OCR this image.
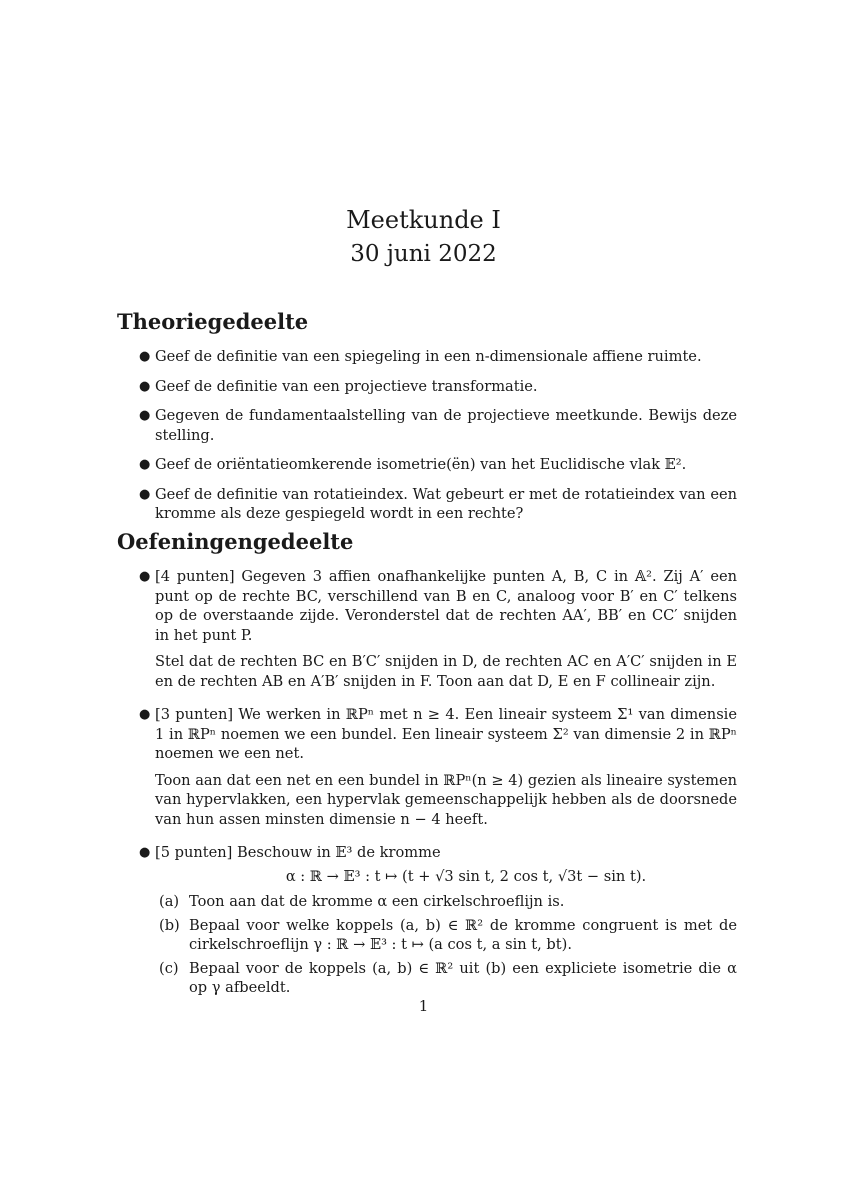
Meetkunde I
30 juni 2022
Theoriegedeelte
● Geef de definitie van een spiegeling in een n-dimensionale affiene ruimte.
● Geef de definitie van een projectieve transformatie.
● Gegeven de fundamentaalstelling van de projectieve meetkunde. Bewijs deze stelling.
● Geef de oriëntatieomkerende isometrie(ën) van het Euclidische vlak 𝔼².
● Geef de definitie van rotatieindex. Wat gebeurt er met de rotatieindex van een kromme als deze gespiegeld wordt in een rechte?
Oefeningengedeelte
● [4 punten] Gegeven 3 affien onafhankelijke punten A, B, C in 𝔸². Zij A′ een punt op de rechte BC, verschillend van B en C, analoog voor B′ en C′ telkens op de overstaande zijde. Veronderstel dat de rechten AA′, BB′ en CC′ snijden in het punt P.
Stel dat de rechten BC en B′C′ snijden in D, de rechten AC en A′C′ snijden in E en de rechten AB en A′B′ snijden in F. Toon aan dat D, E en F collineair zijn.
● [3 punten] We werken in ℝPⁿ met n ≥ 4. Een lineair systeem Σ¹ van dimensie 1 in ℝPⁿ noemen we een bundel. Een lineair systeem Σ² van dimensie 2 in ℝPⁿ noemen we een net.
Toon aan dat een net en een bundel in ℝPⁿ(n ≥ 4) gezien als lineaire systemen van hypervlakken, een hypervlak gemeenschappelijk hebben als de doorsnede van hun assen minsten dimensie n − 4 heeft.
● [5 punten] Beschouw in 𝔼³ de kromme
α : ℝ → 𝔼³ : t ↦ (t + √3 sin t, 2 cos t, √3t − sin t).
(a) Toon aan dat de kromme α een cirkelschroeflijn is.
(b) Bepaal voor welke koppels (a, b) ∈ ℝ² de kromme congruent is met de cirkelschroeflijn γ : ℝ → 𝔼³ : t ↦ (a cos t, a sin t, bt).
(c) Bepaal voor de koppels (a, b) ∈ ℝ² uit (b) een expliciete isometrie die α op γ afbeeldt.
1
